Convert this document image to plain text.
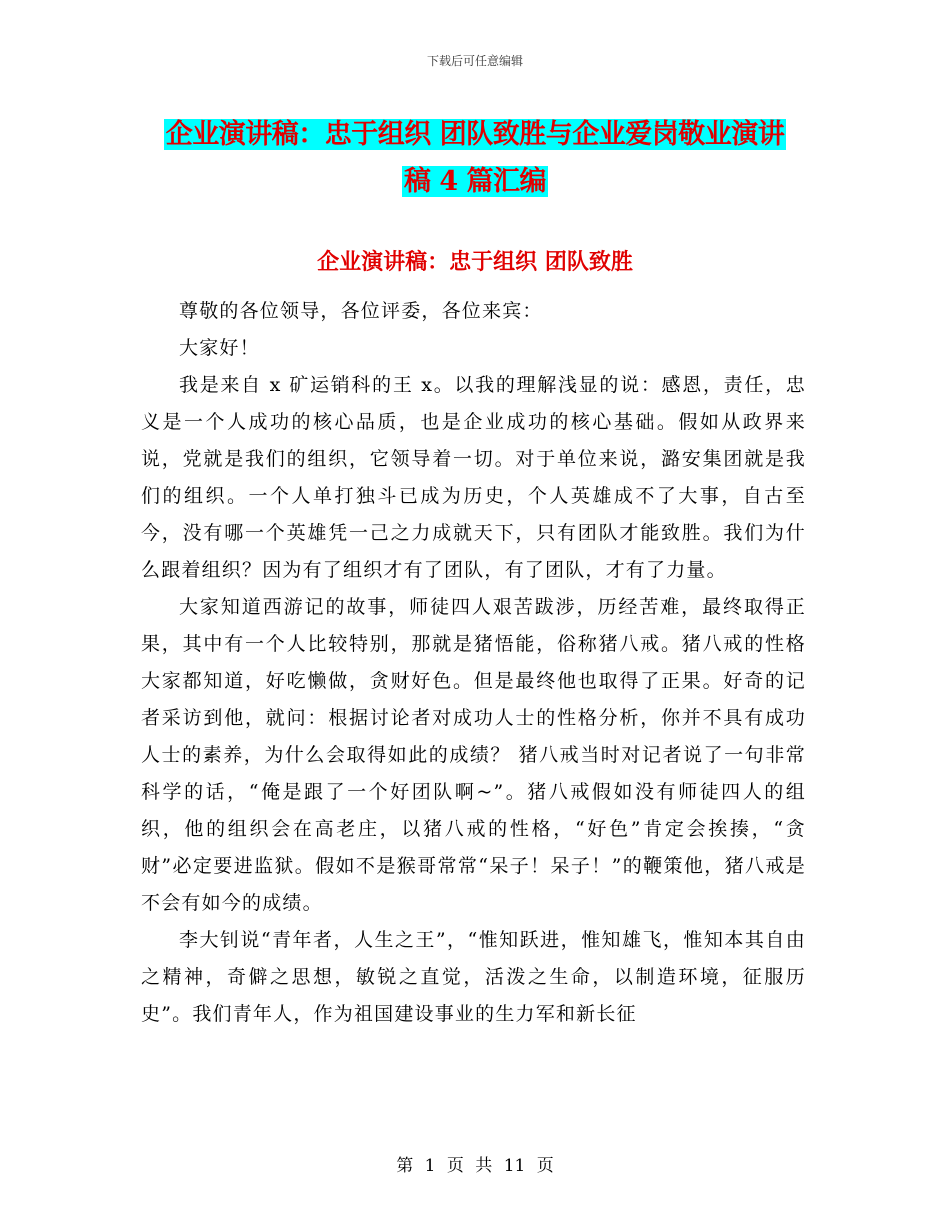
下载后可任意编辑
企业演讲稿：忠于组织 团队致胜与企业爱岗敬业演讲
稿 4 篇汇编
企业演讲稿：忠于组织 团队致胜

尊敬的各位领导，各位评委，各位来宾：

大家好！

我是来自 x 矿运销科的王 x。以我的理解浅显的说：感恩，责任，忠义是一个人成功的核心品质，也是企业成功的核心基础。假如从政界来说，党就是我们的组织，它领导着一切。对于单位来说，潞安集团就是我们的组织。一个人单打独斗已成为历史，个人英雄成不了大事，自古至今，没有哪一个英雄凭一己之力成就天下，只有团队才能致胜。我们为什么跟着组织？因为有了组织才有了团队，有了团队，才有了力量。

大家知道西游记的故事，师徒四人艰苦跋涉，历经苦难，最终取得正果，其中有一个人比较特别，那就是猪悟能，俗称猪八戒。猪八戒的性格大家都知道，好吃懒做，贪财好色。但是最终他也取得了正果。好奇的记者采访到他，就问：根据讨论者对成功人士的性格分析，你并不具有成功人士的素养，为什么会取得如此的成绩？ 猪八戒当时对记者说了一句非常科学的话，“俺是跟了一个好团队啊~”。猪八戒假如没有师徒四人的组织，他的组织会在高老庄，以猪八戒的性格，“好色”肯定会挨揍，“贪财”必定要进监狱。假如不是猴哥常常“呆子！呆子！”的鞭策他，猪八戒是不会有如今的成绩。

李大钊说“青年者，人生之王”，“惟知跃进，惟知雄飞，惟知本其自由之精神，奇僻之思想，敏锐之直觉，活泼之生命，以制造环境，征服历史”。我们青年人，作为祖国建设事业的生力军和新长征

第 1 页 共 11 页
